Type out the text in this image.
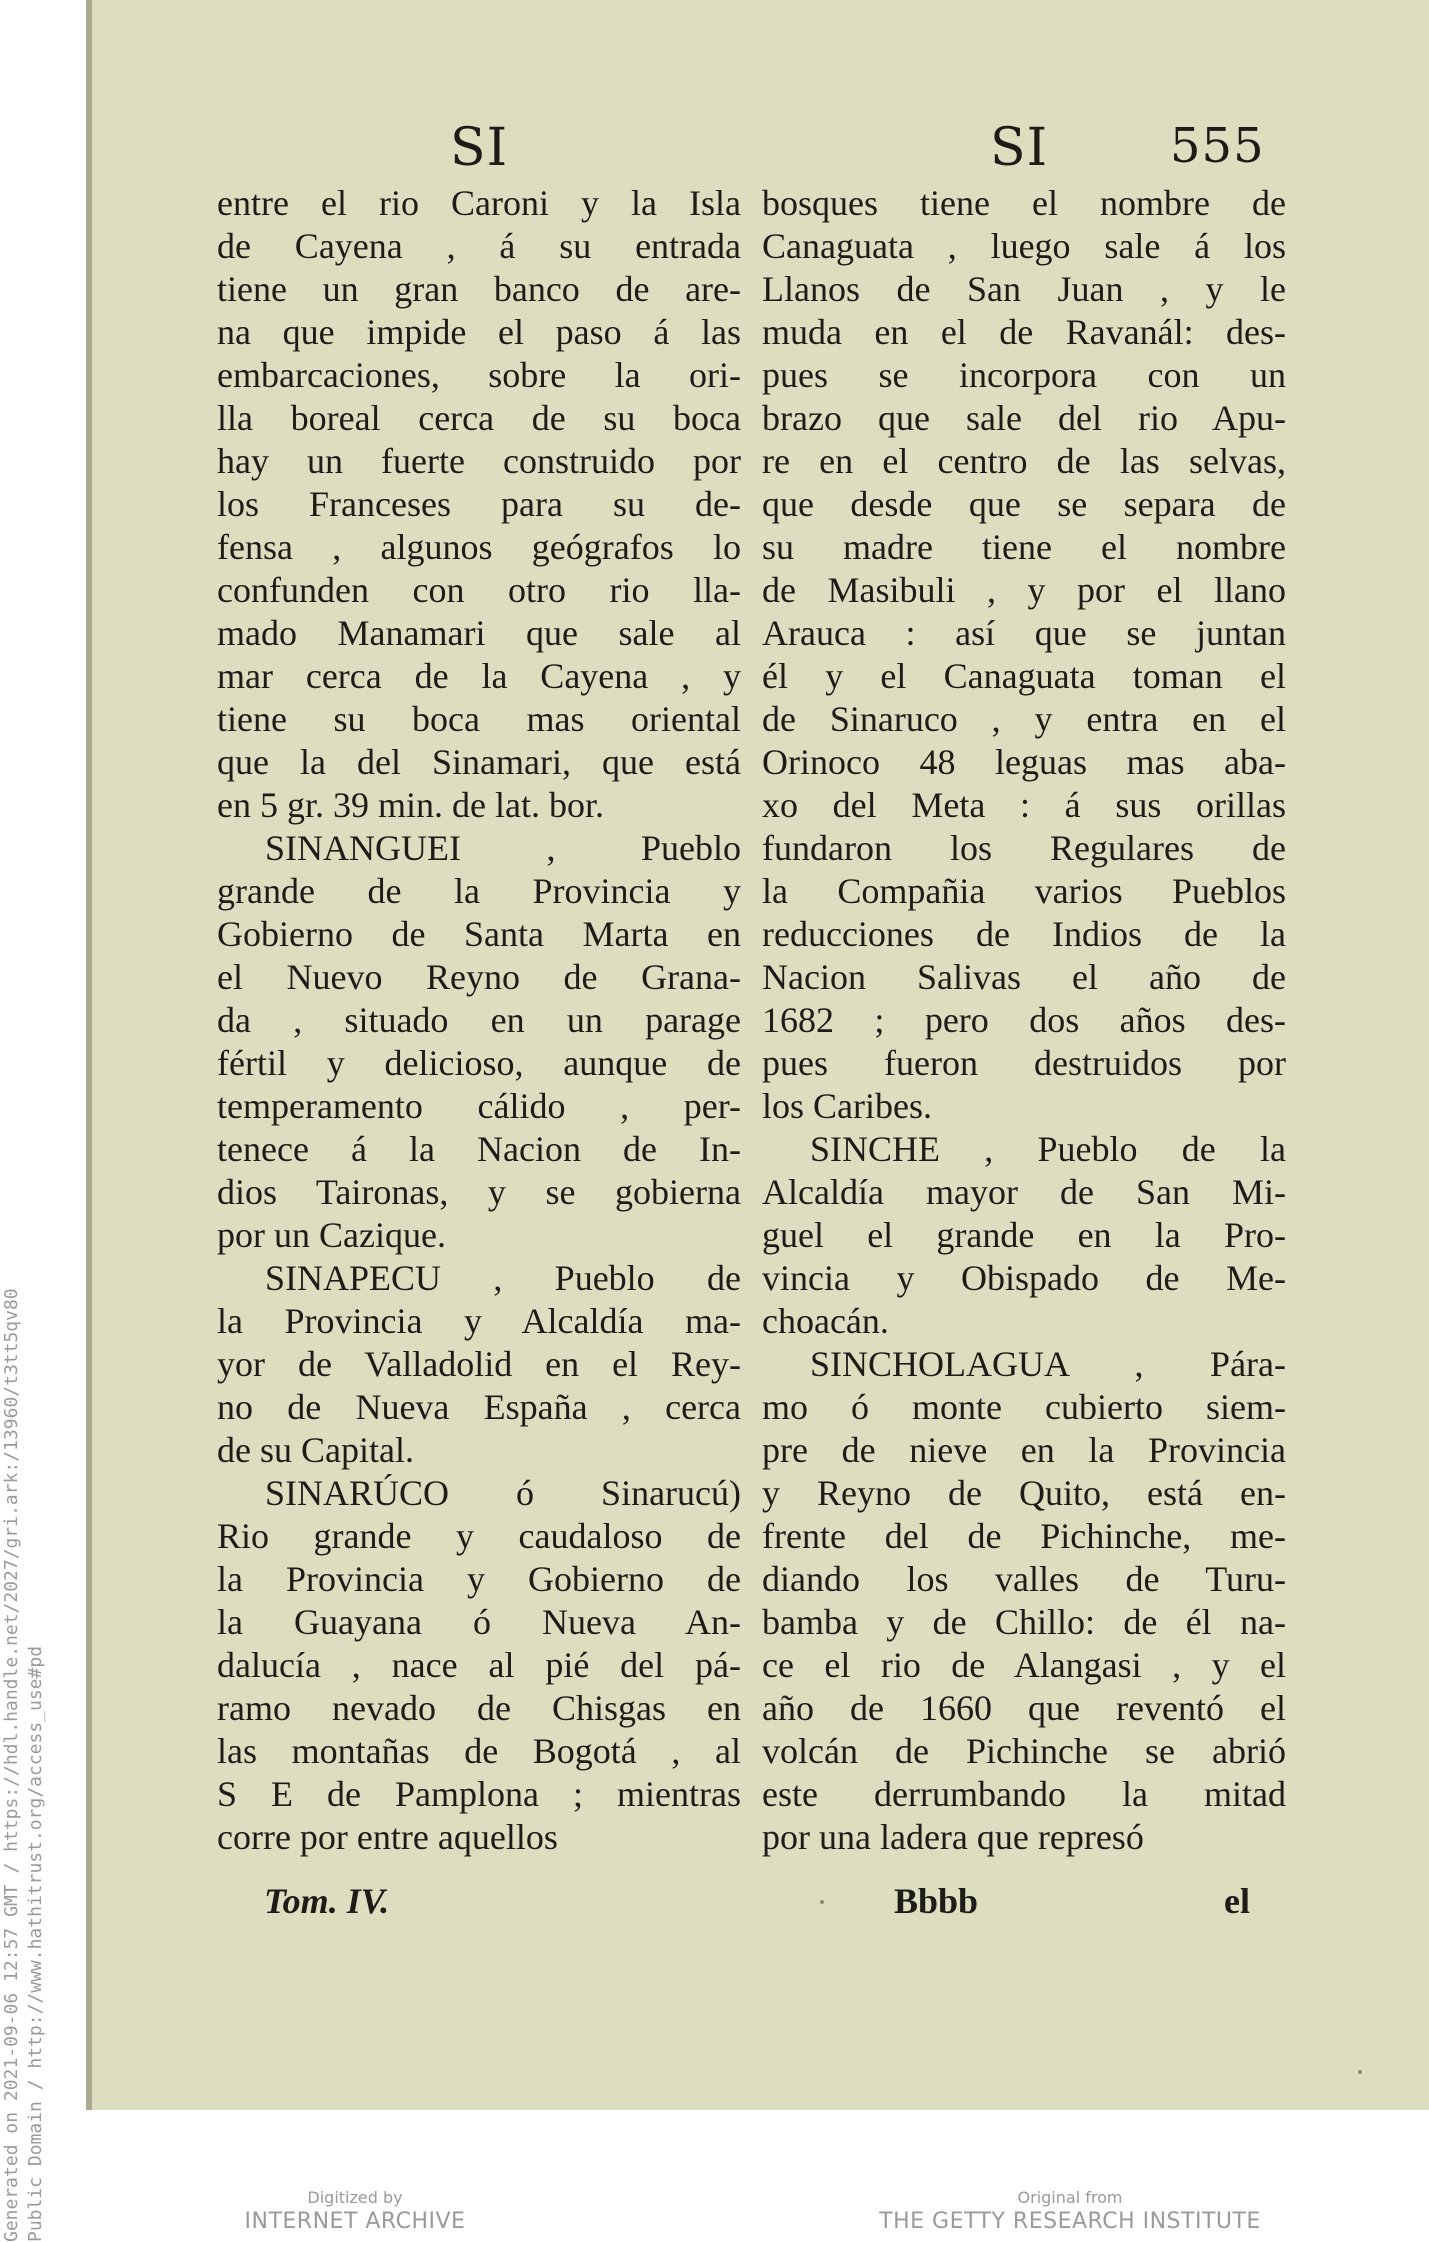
SI	SI	555
entre el rio Caroni y la Isla
de Cayena , á su entrada
tiene un gran banco de are-
na que impide el paso á las
embarcaciones, sobre la ori-
lla boreal cerca de su boca
hay un fuerte construido por
los Franceses para su de-
fensa , algunos geógrafos lo
confunden con otro rio lla-
mado Manamari que sale al
mar cerca de la Cayena , y
tiene su boca mas oriental
que la del Sinamari, que está
en 5 gr. 39 min. de lat. bor.
SINANGUEI , Pueblo
grande de la Provincia y
Gobierno de Santa Marta en
el Nuevo Reyno de Grana-
da , situado en un parage
fértil y delicioso, aunque de
temperamento cálido , per-
tenece á la Nacion de In-
dios Taironas, y se gobierna
por un Cazique.
SINAPECU , Pueblo de
la Provincia y Alcaldía ma-
yor de Valladolid en el Rey-
no de Nueva España , cerca
de su Capital.
SINARÚCO ó Sinarucú)
Rio grande y caudaloso de
la Provincia y Gobierno de
la Guayana ó Nueva An-
dalucía , nace al pié del pá-
ramo nevado de Chisgas en
las montañas de Bogotá , al
S E de Pamplona ; mientras
corre por entre aquellos
bosques tiene el nombre de
Canaguata , luego sale á los
Llanos de San Juan , y le
muda en el de Ravanál: des-
pues se incorpora con un
brazo que sale del rio Apu-
re en el centro de las selvas,
que desde que se separa de
su madre tiene el nombre
de Masibuli , y por el llano
Arauca : así que se juntan
él y el Canaguata toman el
de Sinaruco , y entra en el
Orinoco 48 leguas mas aba-
xo del Meta : á sus orillas
fundaron los Regulares de
la Compañia varios Pueblos
reducciones de Indios de la
Nacion Salivas el año de
1682 ; pero dos años des-
pues fueron destruidos por
los Caribes.
SINCHE , Pueblo de la
Alcaldía mayor de San Mi-
guel el grande en la Pro-
vincia y Obispado de Me-
choacán.
SINCHOLAGUA , Pára-
mo ó monte cubierto siem-
pre de nieve en la Provincia
y Reyno de Quito, está en-
frente del de Pichinche, me-
diando los valles de Turu-
bamba y de Chillo: de él na-
ce el rio de Alangasi , y el
año de 1660 que reventó el
volcán de Pichinche se abrió
este derrumbando la mitad
por una ladera que represó
Tom. IV.	Bbbb	el
Generated on 2021-09-06 12:57 GMT / https://hdl.handle.net/2027/gri.ark:/13960/t3tt5qv80 Public Domain / http://www.hathitrust.org/access_use#pd	Digitized by
INTERNET ARCHIVE
Original from
THE GETTY RESEARCH INSTITUTE
